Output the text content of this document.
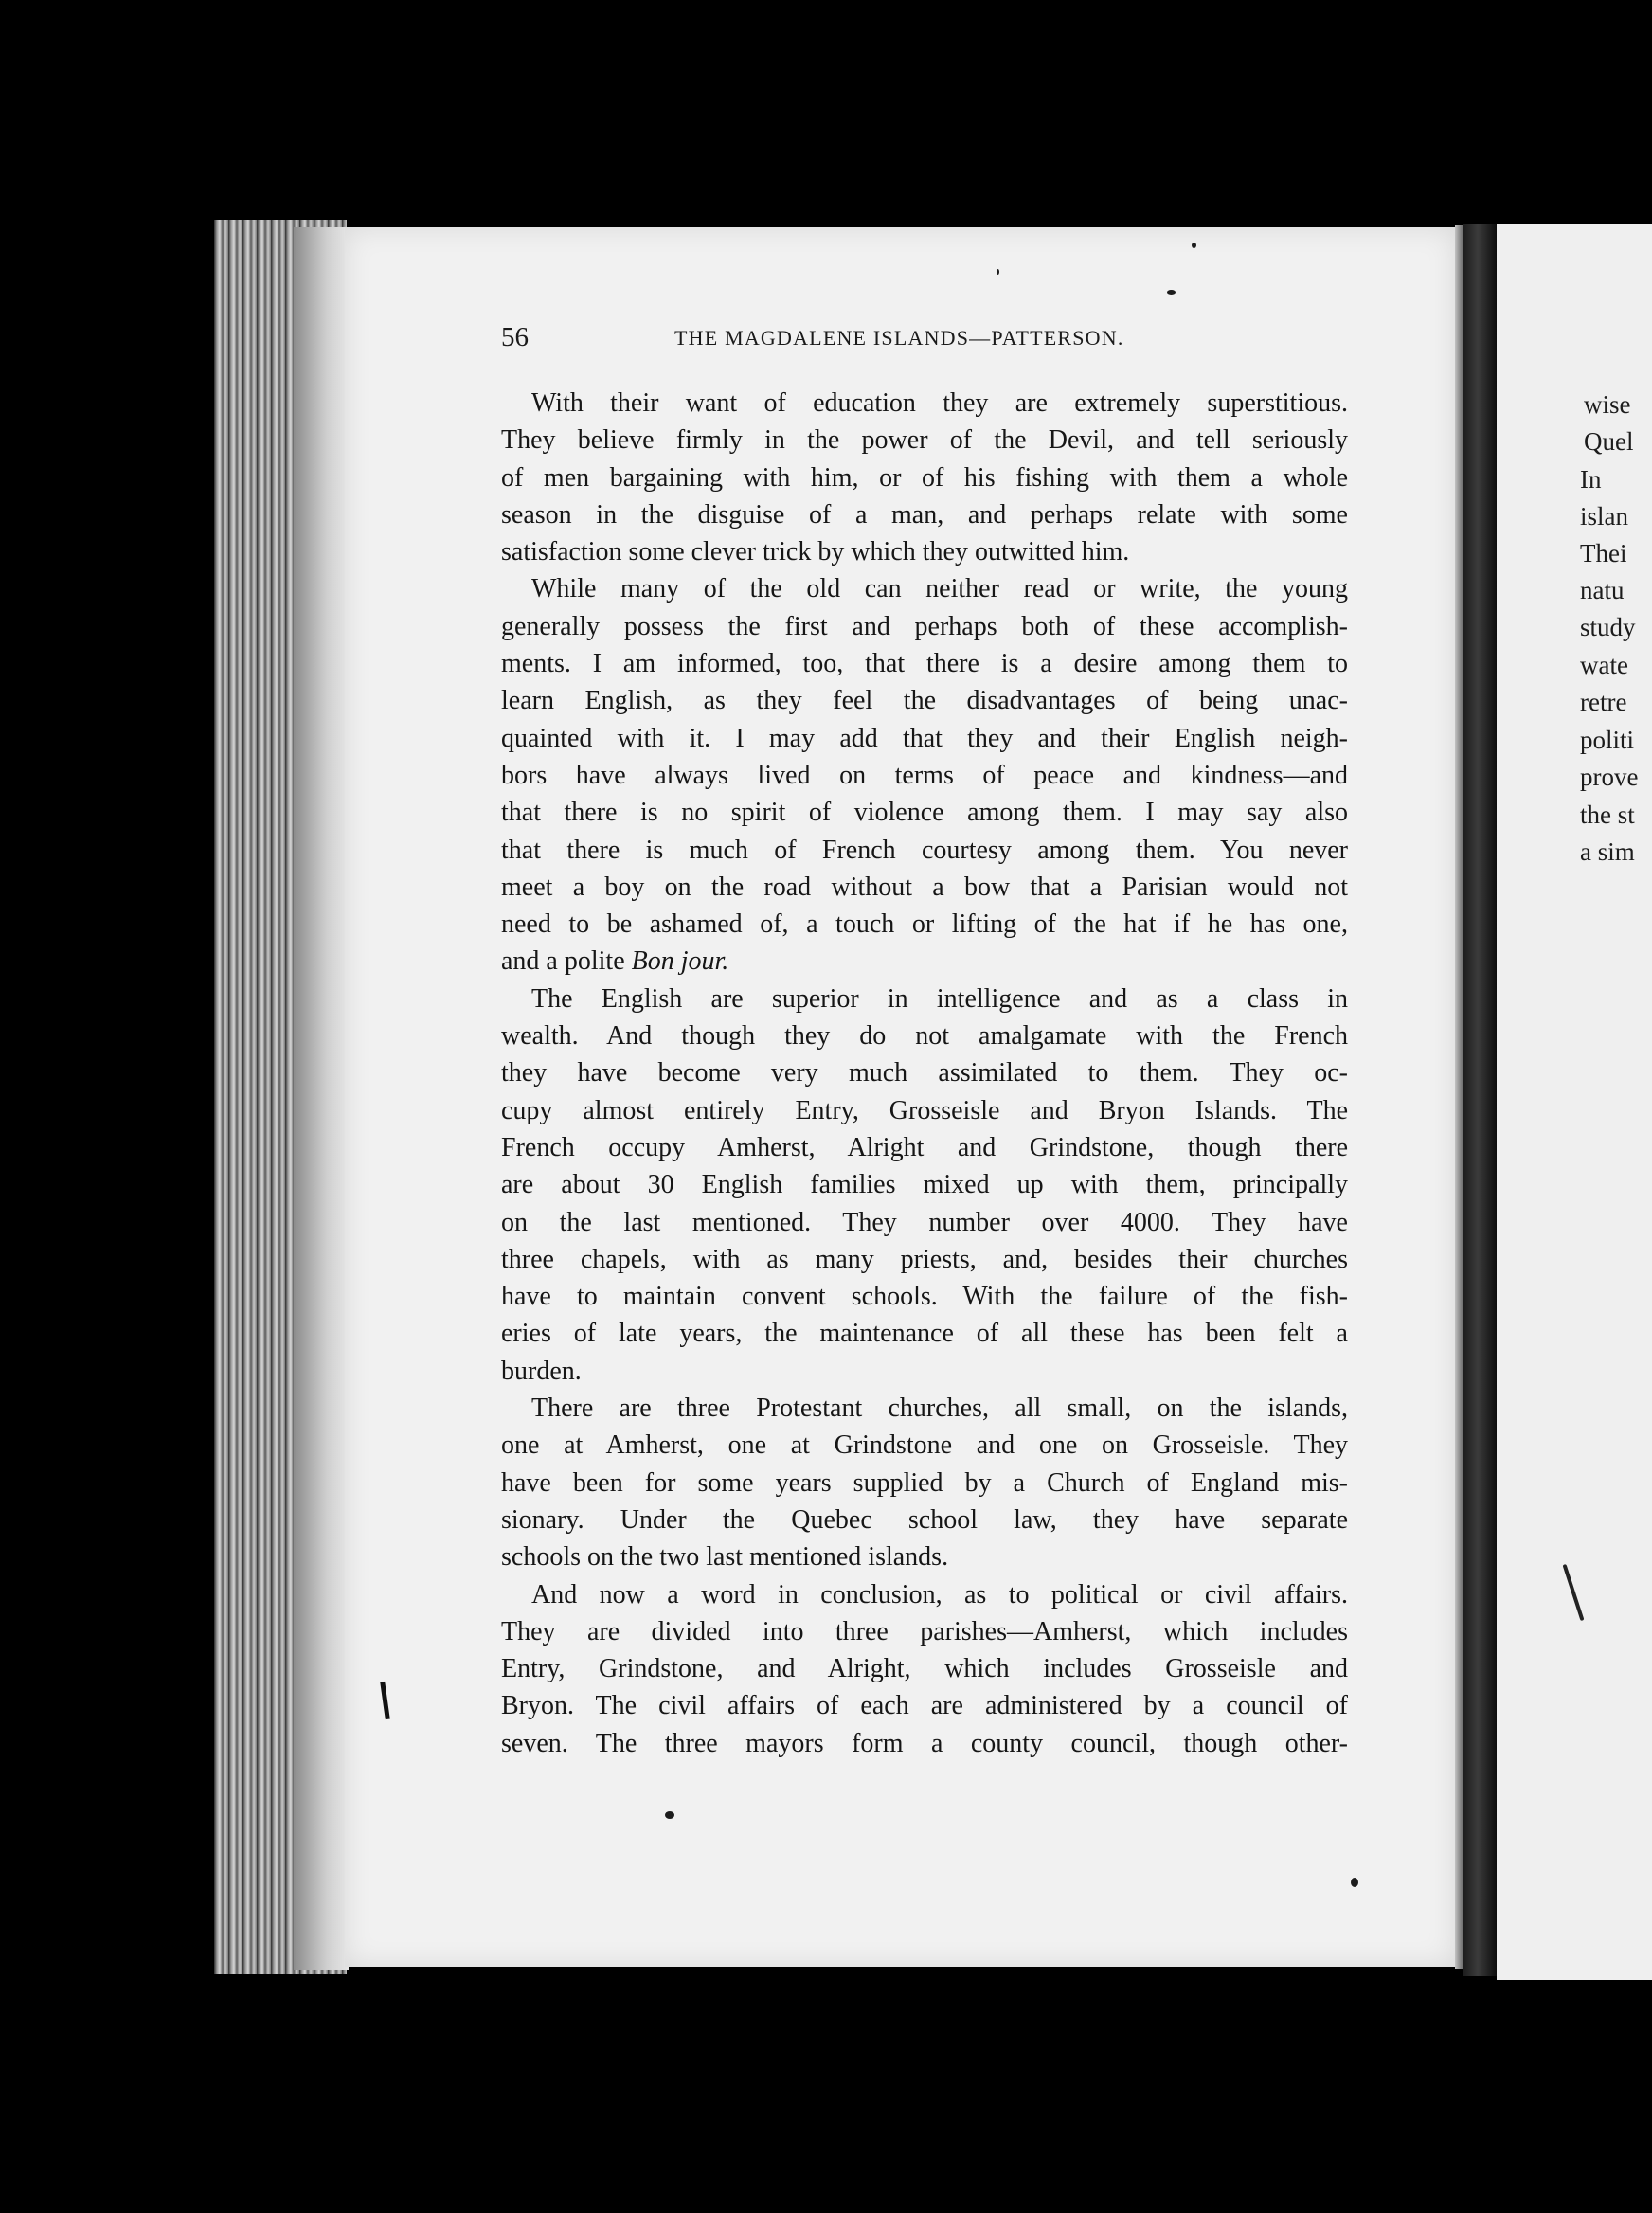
wise
Quel
In
islan
Thei
natu
study
wate
retre
politi
prove
the st
a sim
56	THE MAGDALENE ISLANDS—PATTERSON.
With their want of education they are extremely superstitious.
They believe firmly in the power of the Devil, and tell seriously
of men bargaining with him, or of his fishing with them a whole
season in the disguise of a man, and perhaps relate with some
satisfaction some clever trick by which they outwitted him.
While many of the old can neither read or write, the young
generally possess the first and perhaps both of these accomplish-
ments. I am informed, too, that there is a desire among them to
learn English, as they feel the disadvantages of being unac-
quainted with it. I may add that they and their English neigh-
bors have always lived on terms of peace and kindness—and
that there is no spirit of violence among them. I may say also
that there is much of French courtesy among them. You never
meet a boy on the road without a bow that a Parisian would not
need to be ashamed of, a touch or lifting of the hat if he has one,
and a polite Bon jour.
The English are superior in intelligence and as a class in
wealth. And though they do not amalgamate with the French
they have become very much assimilated to them. They oc-
cupy almost entirely Entry, Grosseisle and Bryon Islands. The
French occupy Amherst, Alright and Grindstone, though there
are about 30 English families mixed up with them, principally
on the last mentioned. They number over 4000. They have
three chapels, with as many priests, and, besides their churches
have to maintain convent schools. With the failure of the fish-
eries of late years, the maintenance of all these has been felt a
burden.
There are three Protestant churches, all small, on the islands,
one at Amherst, one at Grindstone and one on Grosseisle. They
have been for some years supplied by a Church of England mis-
sionary. Under the Quebec school law, they have separate
schools on the two last mentioned islands.
And now a word in conclusion, as to political or civil affairs.
They are divided into three parishes—Amherst, which includes
Entry, Grindstone, and Alright, which includes Grosseisle and
Bryon. The civil affairs of each are administered by a council of
seven. The three mayors form a county council, though other-
